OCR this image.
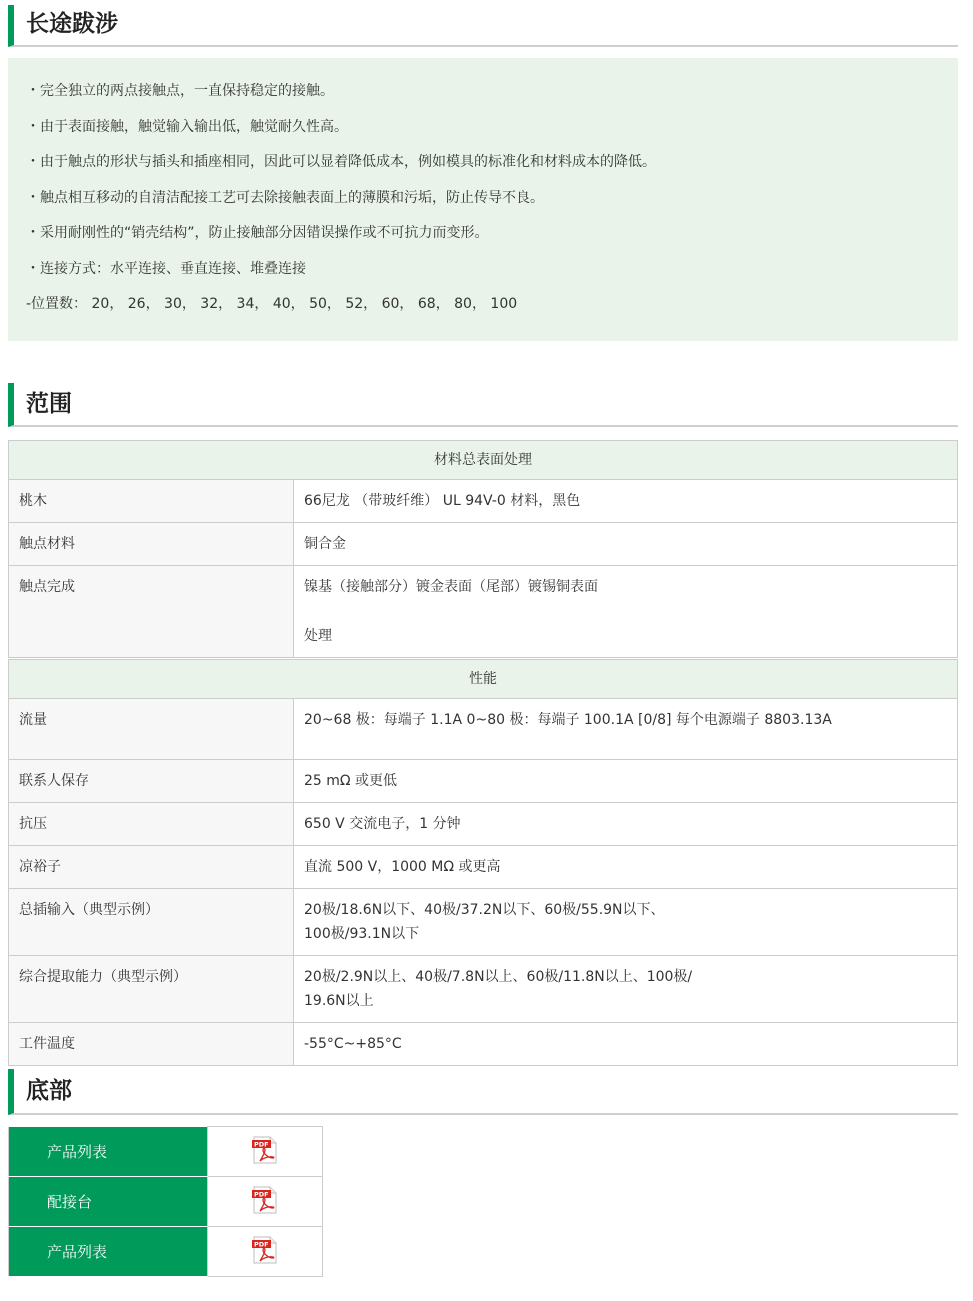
长途跋涉
・完全独立的两点接触点，一直保持稳定的接触。
・由于表面接触，触觉输入输出低，触觉耐久性高。
・由于触点的形状与插头和插座相同，因此可以显着降低成本，例如模具的标准化和材料成本的降低。
・触点相互移动的自清洁配接工艺可去除接触表面上的薄膜和污垢，防止传导不良。
・采用耐刚性的“销壳结构”，防止接触部分因错误操作或不可抗力而变形。
・连接方式：水平连接、垂直连接、堆叠连接
-位置数： 20， 26， 30， 32， 34， 40， 50， 52， 60， 68， 80， 100
范围
材料总表面处理	
桃木	66尼龙 （带玻纤维） UL 94V-0 材料，黑色
触点材料	铜合金
触点完成	镍基（接触部分）镀金表面（尾部）镀锡铜表面
处理
性能	
流量	20~68 极：每端子 1.1A 0~80 极：每端子 100.1A [0/8] 每个电源端子 8803.13A
联系人保存	25 mΩ 或更低
抗压	650 V 交流电子，1 分钟
凉裕子	直流 500 V，1000 MΩ 或更高
总插输入（典型示例）	20极/18.6N以下、40极/37.2N以下、60极/55.9N以下、
100极/93.1N以下

综合提取能力（典型示例）	20极/2.9N以上、40极/7.8N以上、60极/11.8N以上、100极/
19.6N以上

工件温度	-55°C~+85°C
底部
产品列表	PDF

配接台	PDF

产品列表	PDF
